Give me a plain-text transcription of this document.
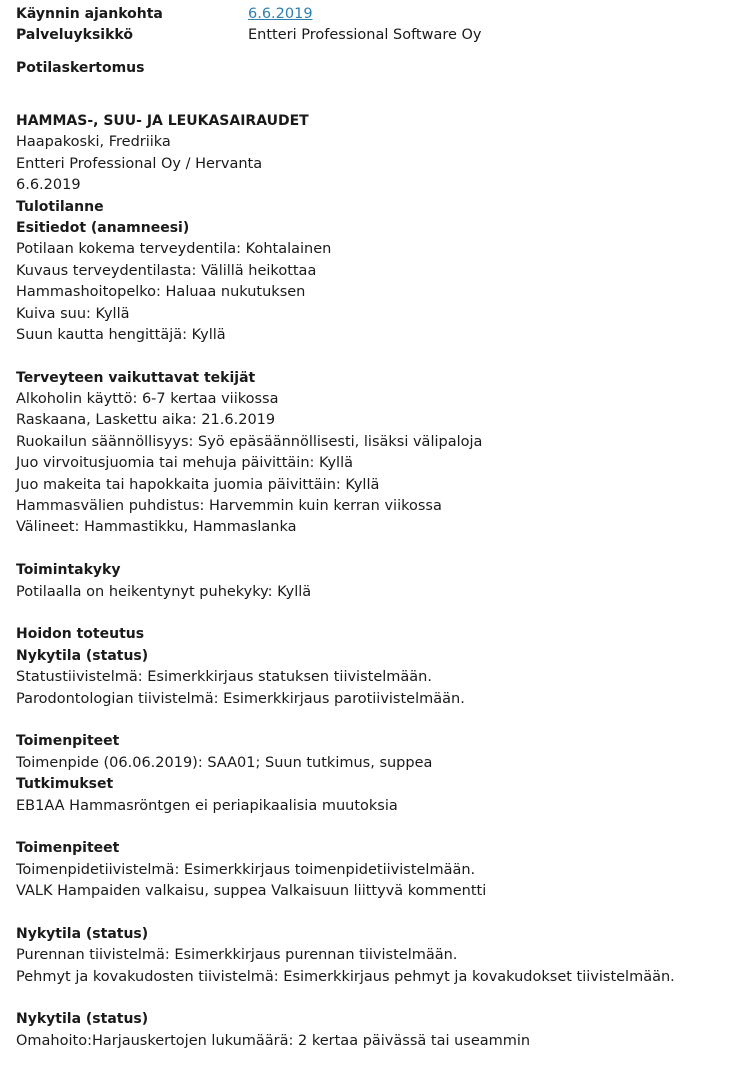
Käynnin ajankohta	6.6.2019
Palveluyksikkö	Entteri Professional Software Oy
Potilaskertomus
HAMMAS-, SUU- JA LEUKASAIRAUDET
Haapakoski, Fredriika
Entteri Professional Oy / Hervanta
6.6.2019
Tulotilanne
Esitiedot (anamneesi)
Potilaan kokema terveydentila: Kohtalainen
Kuvaus terveydentilasta: Välillä heikottaa
Hammashoitopelko: Haluaa nukutuksen
Kuiva suu: Kyllä
Suun kautta hengittäjä: Kyllä
Terveyteen vaikuttavat tekijät
Alkoholin käyttö: 6-7 kertaa viikossa
Raskaana, Laskettu aika: 21.6.2019
Ruokailun säännöllisyys: Syö epäsäännöllisesti, lisäksi välipaloja
Juo virvoitusjuomia tai mehuja päivittäin: Kyllä
Juo makeita tai hapokkaita juomia päivittäin: Kyllä
Hammasvälien puhdistus: Harvemmin kuin kerran viikossa
Välineet: Hammastikku, Hammaslanka
Toimintakyky
Potilaalla on heikentynyt puhekyky: Kyllä
Hoidon toteutus
Nykytila (status)
Statustiivistelmä: Esimerkkirjaus statuksen tiivistelmään.
Parodontologian tiivistelmä: Esimerkkirjaus parotiivistelmään.
Toimenpiteet
Toimenpide (06.06.2019): SAA01; Suun tutkimus, suppea
Tutkimukset
EB1AA Hammasröntgen ei periapikaalisia muutoksia
Toimenpiteet
Toimenpidetiivistelmä: Esimerkkirjaus toimenpidetiivistelmään.
VALK Hampaiden valkaisu, suppea Valkaisuun liittyvä kommentti
Nykytila (status)
Purennan tiivistelmä: Esimerkkirjaus purennan tiivistelmään.
Pehmyt ja kovakudosten tiivistelmä: Esimerkkirjaus pehmyt ja kovakudokset tiivistelmään.
Nykytila (status)
Omahoito:Harjauskertojen lukumäärä: 2 kertaa päivässä tai useammin
